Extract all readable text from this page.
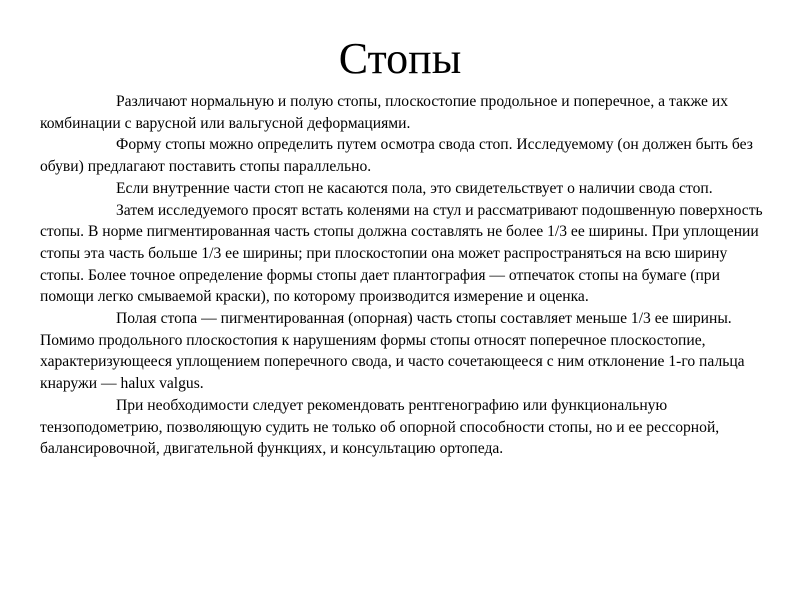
Стопы

Различают нормальную и полую стопы, плоскостопие продольное и поперечное, а также их комбинации с варусной или вальгусной деформациями.

Форму стопы можно определить путем осмотра свода стоп. Исследуемому (он должен быть без обуви) предлагают поставить стопы параллельно.

Если внутренние части стоп не касаются пола, это свидетельствует о наличии свода стоп.

Затем исследуемого просят встать коленями на стул и рассматривают подошвенную поверхность стопы. В норме пигментированная часть стопы должна составлять не более 1/3 ее ширины. При уплощении стопы эта часть больше 1/3 ее ширины; при плоскостопии она может распространяться на всю ширину стопы. Более точное определение формы стопы дает плантография — отпечаток стопы на бумаге (при помощи легко смываемой краски), по которому производится измерение и оценка.

Полая стопа — пигментированная (опорная) часть стопы составляет меньше 1/3 ее ширины. Помимо продольного плоскостопия к нарушениям формы стопы относят поперечное плоскостопие, характеризующееся уплощением поперечного свода, и часто сочетающееся с ним отклонение 1-го пальца кнаружи — halux valgus.

При необходимости следует рекомендовать рентгенографию или функциональную тензоподометрию, позволяющую судить не только об опорной способности стопы, но и ее рессорной, балансировочной, двигательной функциях, и консультацию ортопеда.
